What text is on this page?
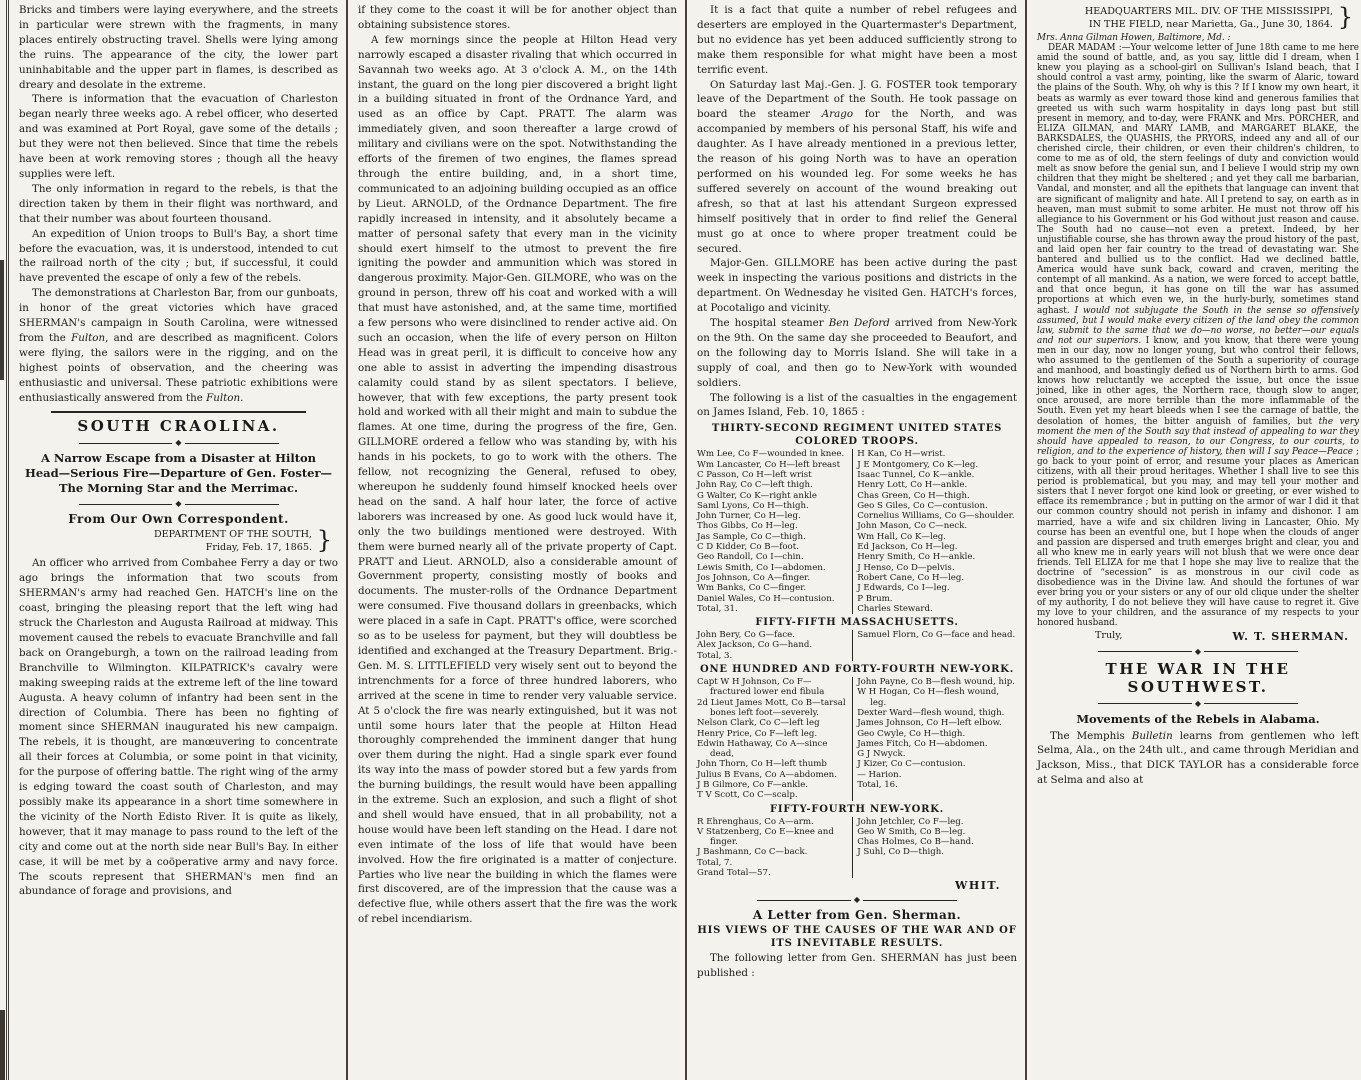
Bricks and timbers were laying everywhere, and the streets in particular were strewn with the fragments, in many places entirely obstructing travel. Shells were lying among the ruins. The appearance of the city, the lower part uninhabitable and the upper part in flames, is described as dreary and desolate in the extreme.
There is information that the evacuation of Charleston began nearly three weeks ago. A rebel officer, who deserted and was examined at Port Royal, gave some of the details ; but they were not then believed. Since that time the rebels have been at work removing stores ; though all the heavy supplies were left.
The only information in regard to the rebels, is that the direction taken by them in their flight was northward, and that their number was about fourteen thousand.
An expedition of Union troops to Bull's Bay, a short time before the evacuation, was, it is understood, intended to cut the railroad north of the city ; but, if successful, it could have prevented the escape of only a few of the rebels.
The demonstrations at Charleston Bar, from our gunboats, in honor of the great victories which have graced SHERMAN's campaign in South Carolina, were witnessed from the Fulton, and are described as magnificent. Colors were flying, the sailors were in the rigging, and on the highest points of observation, and the cheering was enthusiastic and universal. These patriotic exhibitions were enthusiastically answered from the Fulton.
SOUTH CRAOLINA.
◆
A Narrow Escape from a Disaster at Hilton Head—Serious Fire—Departure of Gen. Foster—The Morning Star and the Merrimac.
◆
From Our Own Correspondent.
DEPARTMENT OF THE SOUTH,
Friday, Feb. 17, 1865. }
An officer who arrived from Combahee Ferry a day or two ago brings the information that two scouts from SHERMAN's army had reached Gen. HATCH's line on the coast, bringing the pleasing report that the left wing had struck the Charleston and Augusta Railroad at midway. This movement caused the rebels to evacuate Branchville and fall back on Orangeburgh, a town on the railroad leading from Branchville to Wilmington. KILPATRICK's cavalry were making sweeping raids at the extreme left of the line toward Augusta. A heavy column of infantry had been sent in the direction of Columbia. There has been no fighting of moment since SHERMAN inaugurated his new campaign. The rebels, it is thought, are manœuvering to concentrate all their forces at Columbia, or some point in that vicinity, for the purpose of offering battle. The right wing of the army is edging toward the coast south of Charleston, and may possibly make its appearance in a short time somewhere in the vicinity of the North Edisto River. It is quite as likely, however, that it may manage to pass round to the left of the city and come out at the north side near Bull's Bay. In either case, it will be met by a coöperative army and navy force. The scouts represent that SHERMAN's men find an abundance of forage and provisions, and
if they come to the coast it will be for another object than obtaining subsistence stores.
A few mornings since the people at Hilton Head very narrowly escaped a disaster rivaling that which occurred in Savannah two weeks ago. At 3 o'clock A. M., on the 14th instant, the guard on the long pier discovered a bright light in a building situated in front of the Ordnance Yard, and used as an office by Capt. PRATT. The alarm was immediately given, and soon thereafter a large crowd of military and civilians were on the spot. Notwithstanding the efforts of the firemen of two engines, the flames spread through the entire building, and, in a short time, communicated to an adjoining building occupied as an office by Lieut. ARNOLD, of the Ordnance Department. The fire rapidly increased in intensity, and it absolutely became a matter of personal safety that every man in the vicinity should exert himself to the utmost to prevent the fire igniting the powder and ammunition which was stored in dangerous proximity. Major-Gen. GILMORE, who was on the ground in person, threw off his coat and worked with a will that must have astonished, and, at the same time, mortified a few persons who were disinclined to render active aid. On such an occasion, when the life of every person on Hilton Head was in great peril, it is difficult to conceive how any one able to assist in adverting the impending disastrous calamity could stand by as silent spectators. I believe, however, that with few exceptions, the party present took hold and worked with all their might and main to subdue the flames. At one time, during the progress of the fire, Gen. GILLMORE ordered a fellow who was standing by, with his hands in his pockets, to go to work with the others. The fellow, not recognizing the General, refused to obey, whereupon he suddenly found himself knocked heels over head on the sand. A half hour later, the force of active laborers was increased by one. As good luck would have it, only the two buildings mentioned were destroyed. With them were burned nearly all of the private property of Capt. PRATT and Lieut. ARNOLD, also a considerable amount of Government property, consisting mostly of books and documents. The muster-rolls of the Ordnance Department were consumed. Five thousand dollars in greenbacks, which were placed in a safe in Capt. PRATT's office, were scorched so as to be useless for payment, but they will doubtless be identified and exchanged at the Treasury Department. Brig.-Gen. M. S. LITTLEFIELD very wisely sent out to beyond the intrenchments for a force of three hundred laborers, who arrived at the scene in time to render very valuable service. At 5 o'clock the fire was nearly extinguished, but it was not until some hours later that the people at Hilton Head thoroughly comprehended the imminent danger that hung over them during the night. Had a single spark ever found its way into the mass of powder stored but a few yards from the burning buildings, the result would have been appalling in the extreme. Such an explosion, and such a flight of shot and shell would have ensued, that in all probability, not a house would have been left standing on the Head. I dare not even intimate of the loss of life that would have been involved. How the fire originated is a matter of conjecture. Parties who live near the building in which the flames were first discovered, are of the impression that the cause was a defective flue, while others assert that the fire was the work of rebel incendiarism.
It is a fact that quite a number of rebel refugees and deserters are employed in the Quartermaster's Department, but no evidence has yet been adduced sufficiently strong to make them responsible for what might have been a most terrific event.
On Saturday last Maj.-Gen. J. G. FOSTER took temporary leave of the Department of the South. He took passage on board the steamer Arago for the North, and was accompanied by members of his personal Staff, his wife and daughter. As I have already mentioned in a previous letter, the reason of his going North was to have an operation performed on his wounded leg. For some weeks he has suffered severely on account of the wound breaking out afresh, so that at last his attendant Surgeon expressed himself positively that in order to find relief the General must go at once to where proper treatment could be secured.
Major-Gen. GILLMORE has been active during the past week in inspecting the various positions and districts in the department. On Wednesday he visited Gen. HATCH's forces, at Pocotaligo and vicinity.
The hospital steamer Ben Deford arrived from New-York on the 9th. On the same day she proceeded to Beaufort, and on the following day to Morris Island. She will take in a supply of coal, and then go to New-York with wounded soldiers.
The following is a list of the casualties in the engagement on James Island, Feb. 10, 1865 :
THIRTY-SECOND REGIMENT UNITED STATES COLORED TROOPS.
Wm Lee, Co F—wounded in knee.
Wm Lancaster, Co H—left breast
C Passon, Co H—left wrist
John Ray, Co C—left thigh.
G Walter, Co K—right ankle
Saml Lyons, Co H—thigh.
John Turner, Co H—leg.
Thos Gibbs, Co H—leg.
Jas Sample, Co C—thigh.
C D Kidder, Co B—foot.
Geo Randoll, Co I—chin.
Lewis Smith, Co I—abdomen.
Jos Johnson, Co A—finger.
Wm Banks, Co C—finger.
Daniel Wales, Co H—contusion.
Total, 31.
H Kan, Co H—wrist.
J E Montgomery, Co K—leg.
Isaac Tunnel, Co K—ankle.
Henry Lott, Co H—ankle.
Chas Green, Co H—thigh.
Geo S Giles, Co C—contusion.
Cornelius Williams, Co G—shoulder.
John Mason, Co C—neck.
Wm Hall, Co K—leg.
Ed Jackson, Co H—leg.
Henry Smith, Co H—ankle.
J Henso, Co D—pelvis.
Robert Cane, Co H—leg.
J Edwards, Co I—leg.
P Brum.
Charles Steward.
FIFTY-FIFTH MASSACHUSETTS.
John Bery, Co G—face.
Alex Jackson, Co G—hand.
Total, 3.
Samuel Florn, Co G—face and head.
ONE HUNDRED AND FORTY-FOURTH NEW-YORK.
Capt W H Johnson, Co F—fractured lower end fibula
2d Lieut James Mott, Co B—tarsal bones left foot—severely.
Nelson Clark, Co C—left leg
Henry Price, Co F—left leg.
Edwin Hathaway, Co A—since dead,
John Thorn, Co H—left thumb
Julius B Evans, Co A—abdomen.
J B Gilmore, Co F—ankle.
T V Scott, Co C—scalp.
John Payne, Co B—flesh wound, hip.
W H Hogan, Co H—flesh wound, leg.
Dexter Ward—flesh wound, thigh.
James Johnson, Co H—left elbow.
Geo Cwyle, Co H—thigh.
James Fitch, Co H—abdomen.
G J Nwyck.
J Kizer, Co C—contusion.
— Harion.
Total, 16.
FIFTY-FOURTH NEW-YORK.
R Ehrenghaus, Co A—arm.
V Statzenberg, Co E—knee and finger.
J Bashmann, Co C—back.
Total, 7.
Grand Total—57.
John Jetchler, Co F—leg.
Geo W Smith, Co B—leg.
Chas Holmes, Co B—hand.
J Suhl, Co D—thigh.
WHIT.
◆
A Letter from Gen. Sherman.
HIS VIEWS OF THE CAUSES OF THE WAR AND OF ITS INEVITABLE RESULTS.
The following letter from Gen. SHERMAN has just been published :
HEADQUARTERS MIL. DIV. OF THE MISSISSIPPI,
IN THE FIELD, near Marietta, Ga., June 30, 1864. }
Mrs. Anna Gilman Howen, Baltimore, Md. :
DEAR MADAM :—Your welcome letter of June 18th came to me here amid the sound of battle, and, as you say, little did I dream, when I knew you playing as a school-girl on Sullivan's Island beach, that I should control a vast army, pointing, like the swarm of Alaric, toward the plains of the South. Why, oh why is this ? If I know my own heart, it beats as warmly as ever toward those kind and generous families that greeted us with such warm hospitality in days long past but still present in memory, and to-day, were FRANK and Mrs. PORCHER, and ELIZA GILMAN, and MARY LAMB, and MARGARET BLAKE, the BARKSDALES, the QUASHIS, the PRYORS, indeed any and all of our cherished circle, their children, or even their children's children, to come to me as of old, the stern feelings of duty and conviction would melt as snow before the genial sun, and I believe I would strip my own children that they might be sheltered ; and yet they call me barbarian, Vandal, and monster, and all the epithets that language can invent that are significant of malignity and hate. All I pretend to say, on earth as in heaven, man must submit to some arbiter. He must not throw off his allegiance to his Government or his God without just reason and cause. The South had no cause—not even a pretext. Indeed, by her unjustifiable course, she has thrown away the proud history of the past, and laid open her fair country to the tread of devastating war. She bantered and bullied us to the conflict. Had we declined battle, America would have sunk back, coward and craven, meriting the contempt of all mankind. As a nation, we were forced to accept battle, and that once begun, it has gone on till the war has assumed proportions at which even we, in the hurly-burly, sometimes stand aghast. I would not subjugate the South in the sense so offensively assumed, but I would make every citizen of the land obey the common law, submit to the same that we do—no worse, no better—our equals and not our superiors. I know, and you know, that there were young men in our day, now no longer young, but who control their fellows, who assumed to the gentlemen of the South a superiority of courage and manhood, and boastingly defied us of Northern birth to arms. God knows how reluctantly we accepted the issue, but once the issue joined, like in other ages, the Northern race, though slow to anger, once aroused, are more terrible than the more inflammable of the South. Even yet my heart bleeds when I see the carnage of battle, the desolation of homes, the bitter anguish of families, but the very moment the men of the South say that instead of appealing to war they should have appealed to reason, to our Congress, to our courts, to religion, and to the experience of history, then will I say Peace—Peace ; go back to your point of error, and resume your places as American citizens, with all their proud heritages. Whether I shall live to see this period is problematical, but you may, and may tell your mother and sisters that I never forgot one kind look or greeting, or ever wished to efface its remembrance ; but in putting on the armor of war I did it that our common country should not perish in infamy and dishonor. I am married, have a wife and six children living in Lancaster, Ohio. My course has been an eventful one, but I hope when the clouds of anger and passion are dispersed and truth emerges bright and clear, you and all who knew me in early years will not blush that we were once dear friends. Tell ELIZA for me that I hope she may live to realize that the doctrine of “secession” is as monstrous in our civil code as disobedience was in the Divine law. And should the fortunes of war ever bring you or your sisters or any of our old clique under the shelter of my authority, I do not believe they will have cause to regret it. Give my love to your children, and the assurance of my respects to your honored husband.
Truly,	W. T. SHERMAN.
◆
THE WAR IN THE SOUTHWEST.
◆
Movements of the Rebels in Alabama.
The Memphis Bulletin learns from gentlemen who left Selma, Ala., on the 24th ult., and came through Meridian and Jackson, Miss., that DICK TAYLOR has a considerable force at Selma and also at
